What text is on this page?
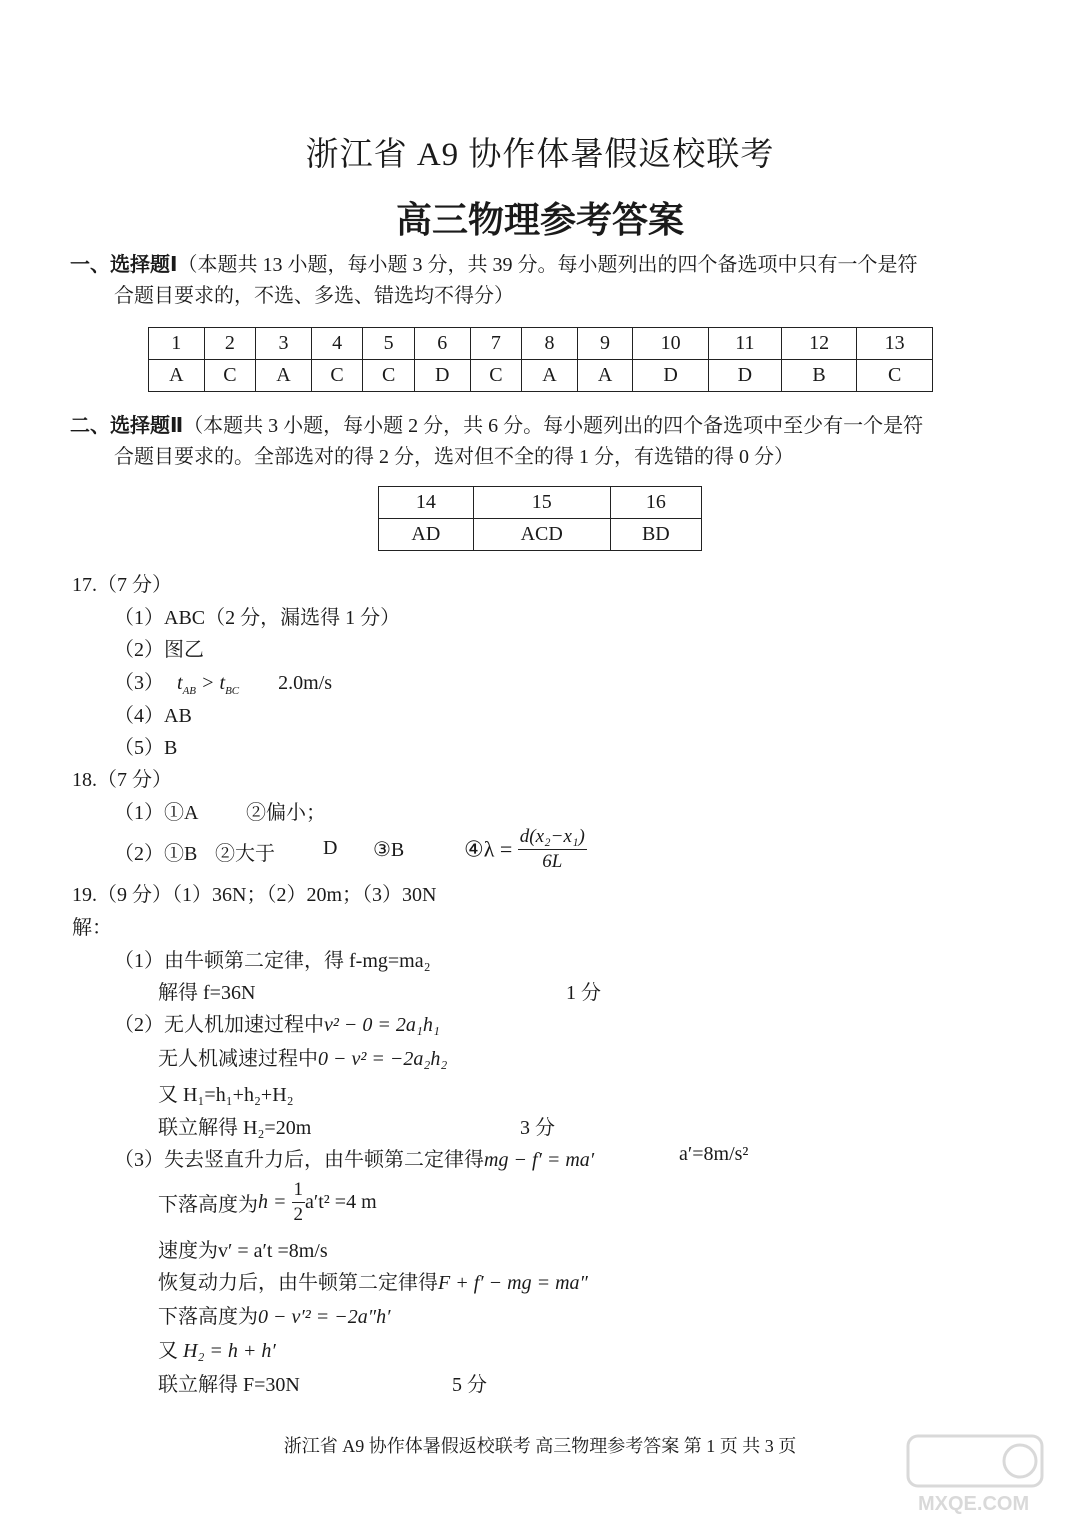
浙江省 A9 协作体暑假返校联考
高三物理参考答案
一、选择题Ⅰ（本题共 13 小题，每小题 3 分，共 39 分。每小题列出的四个备选项中只有一个是符
合题目要求的，不选、多选、错选均不得分）
1	2	3	4	5	6	7	8	9	10	11	12	13
A	C	A	C	C	D	C	A	A	D	D	B	C
二、选择题Ⅱ（本题共 3 小题，每小题 2 分，共 6 分。每小题列出的四个备选项中至少有一个是符
合题目要求的。全部选对的得 2 分，选对但不全的得 1 分，有选错的得 0 分）
14	15	16
AD	ACD	BD
17.（7 分）
（1）ABC（2 分，漏选得 1 分）
（2）图乙
（3） $t_{AB} > t_{BC}$ 2.0m/s
（4）AB
（5）B
18.（7 分）
（1）①A ②偏小；
（2）①B ②大于 D ③B	④λ = $\frac{\text{d(x₂−x₁)}}{6L}$
19.（9 分）（1）36N；（2）20m；（3）30N
解：
（1）由牛顿第二定律，得 f-mg=ma₂
解得 f=36N	1 分
（2）无人机加速过程中v² − 0 = 2a₁h₁
无人机减速过程中0 − v² = −2a₂h₂
又 H₁=h₁+h₂+H₂
联立解得 H₂=20m	3 分
（3）失去竖直升力后，由牛顿第二定律得mg − f′ = ma′	a′=8m/s²
下落高度为$h = \frac{1}{2} a't^2 =4$ m
速度为v′ = a′t =8m/s
恢复动力后，由牛顿第二定律得F + f′ − mg = ma″
下落高度为0 − v′² = −2a″h′
又 H₂ = h + h′
联立解得 F=30N	5 分
浙江省 A9 协作体暑假返校联考 高三物理参考答案 第 1 页 共 3 页
MXQE.COM
